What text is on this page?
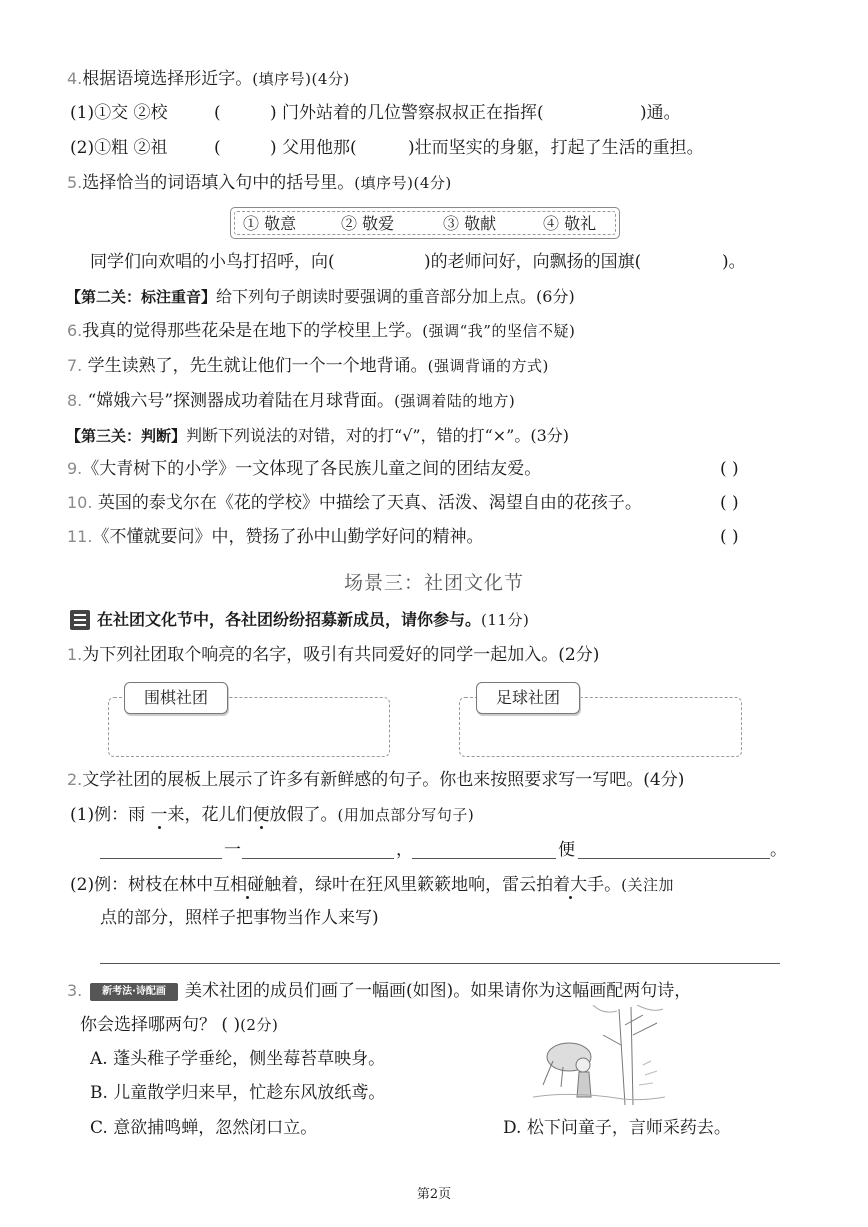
4.根据语境选择形近字。(填序号)(4分)
(1)①交 ②校	(	) 门外站着的几位警察叔叔正在指挥(	)通。
(2)①粗 ②祖	(	) 父用他那(	)壮而坚实的身躯，打起了生活的重担。
5.选择恰当的词语填入句中的括号里。(填序号)(4分)
① 敬意	② 敬爱	③ 敬献	④ 敬礼
同学们向欢唱的小鸟打招呼，向(	)的老师问好，向飘扬的国旗(	)。
【第二关：标注重音】给下列句子朗读时要强调的重音部分加上点。(6分)
6.我真的觉得那些花朵是在地下的学校里上学。(强调“我”的坚信不疑)
7. 学生读熟了，先生就让他们一个一个地背诵。(强调背诵的方式)
8. “嫦娥六号”探测器成功着陆在月球背面。(强调着陆的地方)
【第三关：判断】判断下列说法的对错，对的打“√”，错的打“×”。(3分)
9.《大青树下的小学》一文体现了各民族儿童之间的团结友爱。	( )
10. 英国的泰戈尔在《花的学校》中描绘了天真、活泼、渴望自由的花孩子。	( )
11.《不懂就要问》中，赞扬了孙中山勤学好问的精神。	( )
场景三：社团文化节
在社团文化节中，各社团纷纷招募新成员，请你参与。(11分)
1.为下列社团取个响亮的名字，吸引有共同爱好的同学一起加入。(2分)
围棋社团	足球社团
2.文学社团的展板上展示了许多有新鲜感的句子。你也来按照要求写一写吧。(4分)
(1)例：雨 一来，花儿们便放假了。(用加点部分写句子)
一	，	便	。
(2)例：树枝在林中互相碰触着，绿叶在狂风里簌簌地响，雷云拍着大手。(关注加
点的部分，照样子把事物当作人来写)
3.	新考法·诗配画	美术社团的成员们画了一幅画(如图)。如果请你为这幅画配两句诗，
你会选择哪两句？ ( )(2分)
A. 蓬头稚子学垂纶，侧坐莓苔草映身。
B. 儿童散学归来早，忙趁东风放纸鸢。
C. 意欲捕鸣蝉，忽然闭口立。	D. 松下问童子，言师采药去。
第2页
